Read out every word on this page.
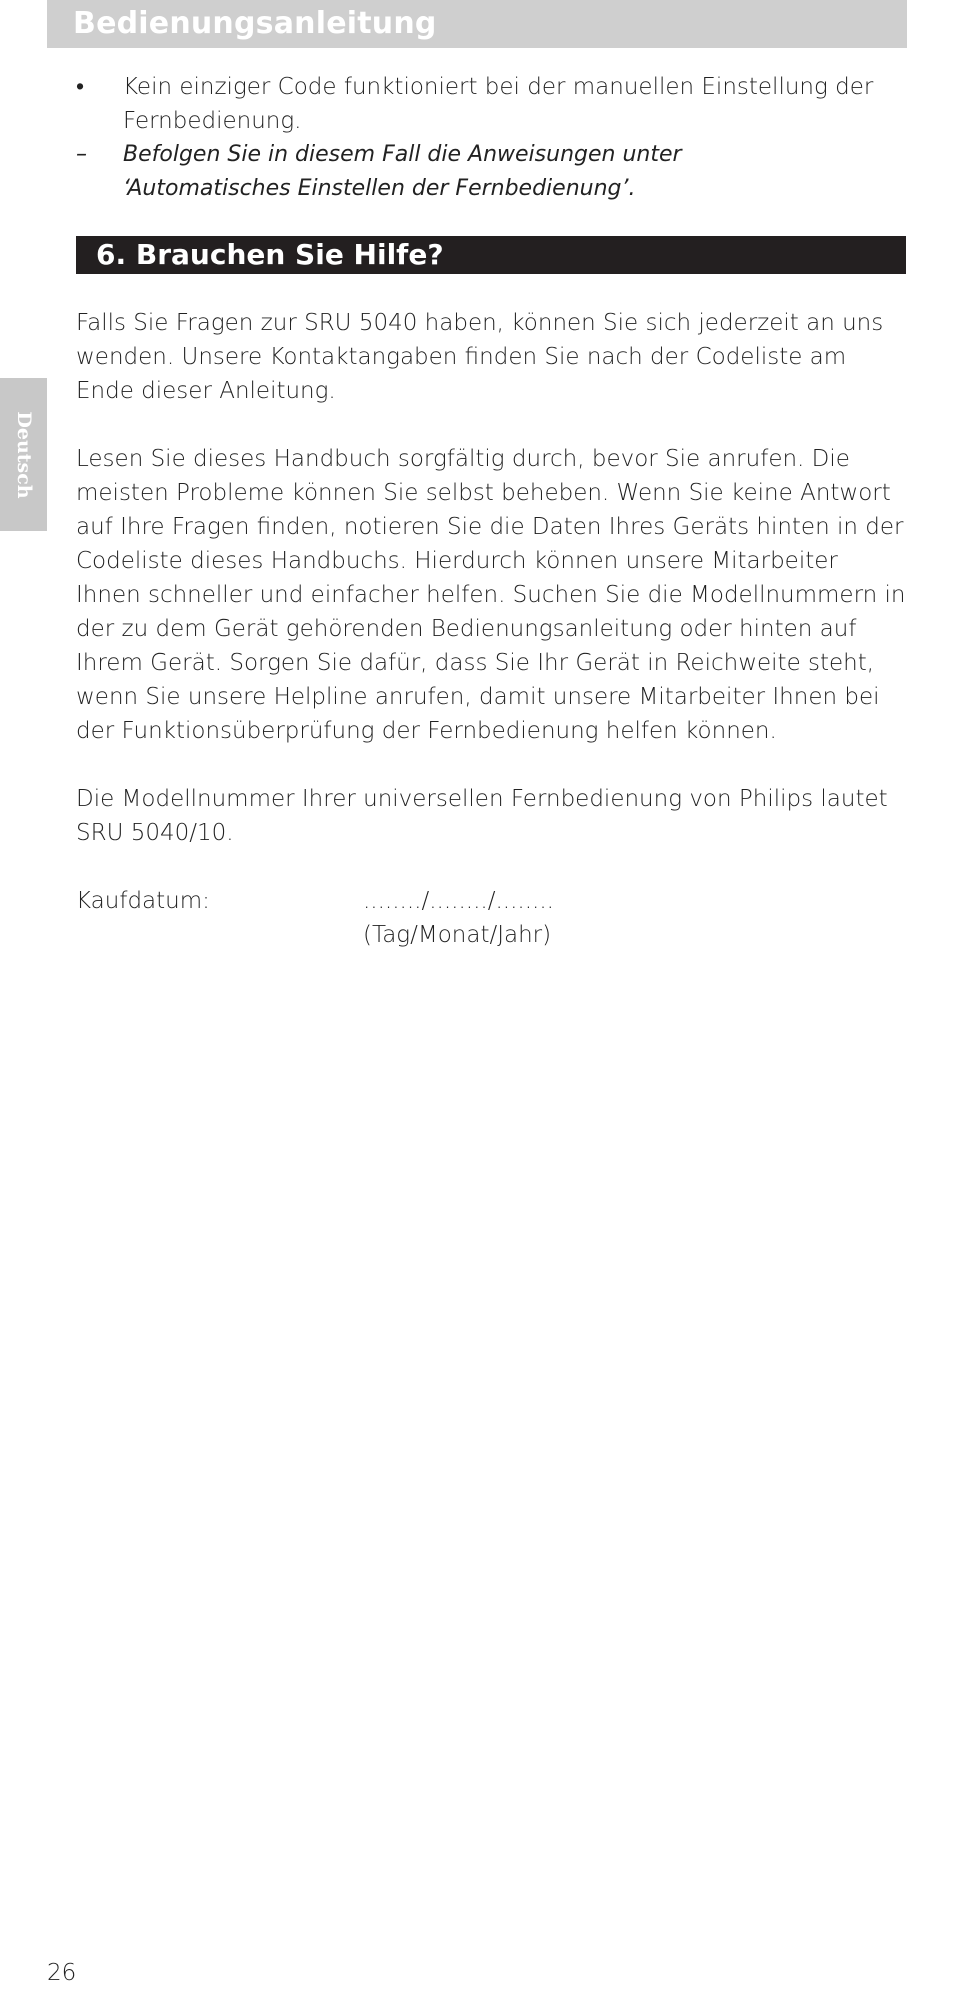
Bedienungsanleitung
Deutsch
•	Kein einziger Code funktioniert bei der manuellen Einstellung der Fernbedienung.
–	Befolgen Sie in diesem Fall die Anweisungen unter
‘Automatisches Einstellen der Fernbedienung’.
6. Brauchen Sie Hilfe?

Falls Sie Fragen zur SRU 5040 haben, können Sie sich jederzeit an uns wenden. Unsere Kontaktangaben finden Sie nach der Codeliste am Ende dieser Anleitung.

Lesen Sie dieses Handbuch sorgfältig durch, bevor Sie anrufen. Die meisten Probleme können Sie selbst beheben. Wenn Sie keine Antwort auf Ihre Fragen finden, notieren Sie die Daten Ihres Geräts hinten in der Codeliste dieses Handbuchs. Hierdurch können unsere Mitarbeiter Ihnen schneller und einfacher helfen. Suchen Sie die Modellnummern in der zu dem Gerät gehörenden Bedienungsanleitung oder hinten auf Ihrem Gerät. Sorgen Sie dafür, dass Sie Ihr Gerät in Reichweite steht, wenn Sie unsere Helpline anrufen, damit unsere Mitarbeiter Ihnen bei der Funktionsüberprüfung der Fernbedienung helfen können.

Die Modellnummer Ihrer universellen Fernbedienung von Philips lautet SRU 5040/10.

Kaufdatum:	......../......../........
(Tag/Monat/Jahr)
26
